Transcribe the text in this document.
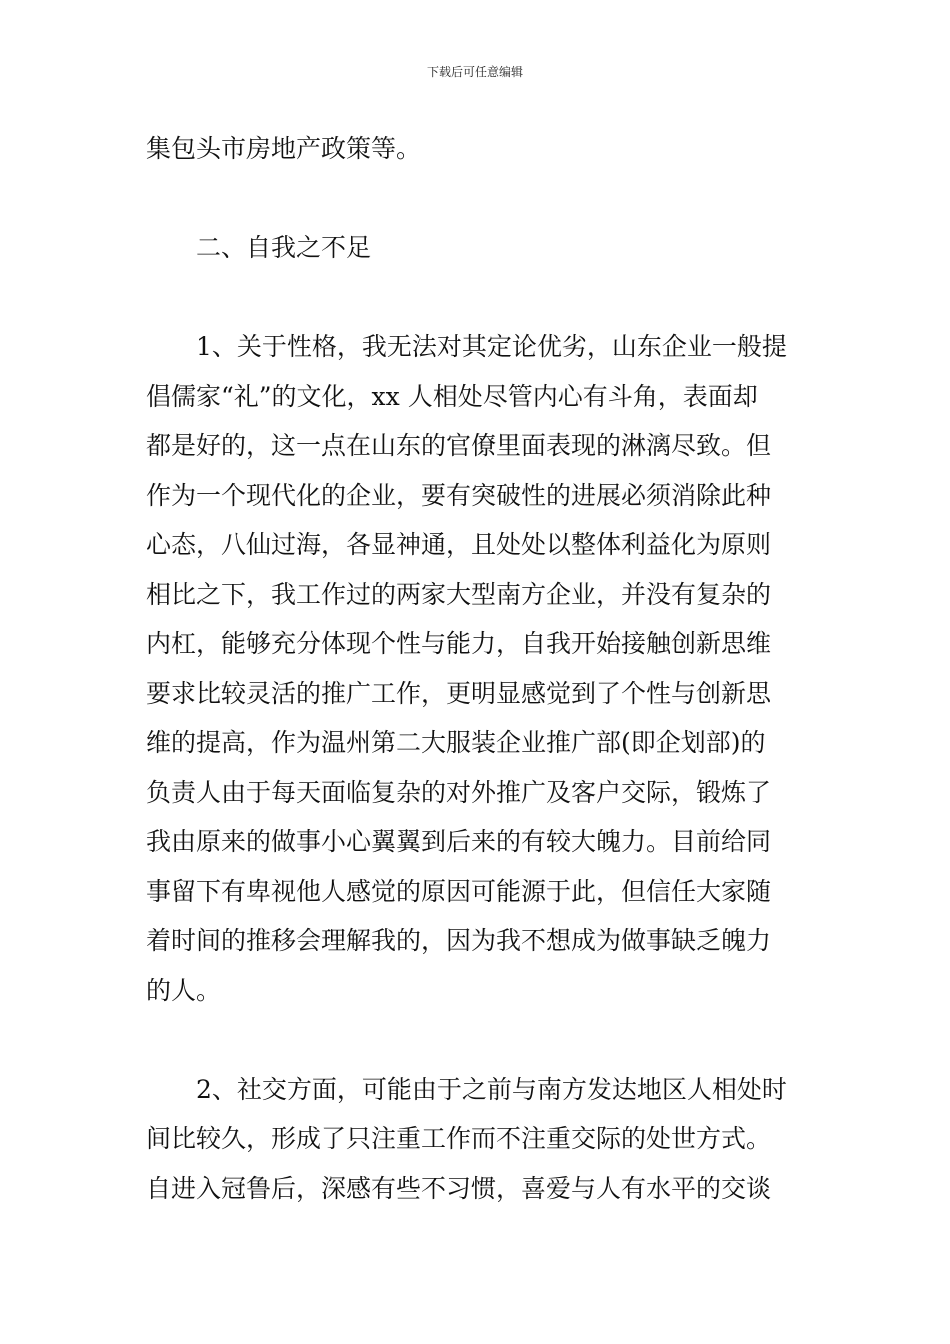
下载后可任意编辑
集包头市房地产政策等。
二、自我之不足
1、关于性格，我无法对其定论优劣，山东企业一般提
倡儒家“礼”的文化，xx 人相处尽管内心有斗角，表面却
都是好的，这一点在山东的官僚里面表现的淋漓尽致。但
作为一个现代化的企业，要有突破性的进展必须消除此种
心态，八仙过海，各显神通，且处处以整体利益化为原则
相比之下，我工作过的两家大型南方企业，并没有复杂的
内杠，能够充分体现个性与能力，自我开始接触创新思维
要求比较灵活的推广工作，更明显感觉到了个性与创新思
维的提高，作为温州第二大服装企业推广部(即企划部)的
负责人由于每天面临复杂的对外推广及客户交际，锻炼了
我由原来的做事小心翼翼到后来的有较大魄力。目前给同
事留下有卑视他人感觉的原因可能源于此，但信任大家随
着时间的推移会理解我的，因为我不想成为做事缺乏魄力
的人。
2、社交方面，可能由于之前与南方发达地区人相处时
间比较久，形成了只注重工作而不注重交际的处世方式。
自进入冠鲁后，深感有些不习惯，喜爱与人有水平的交谈
